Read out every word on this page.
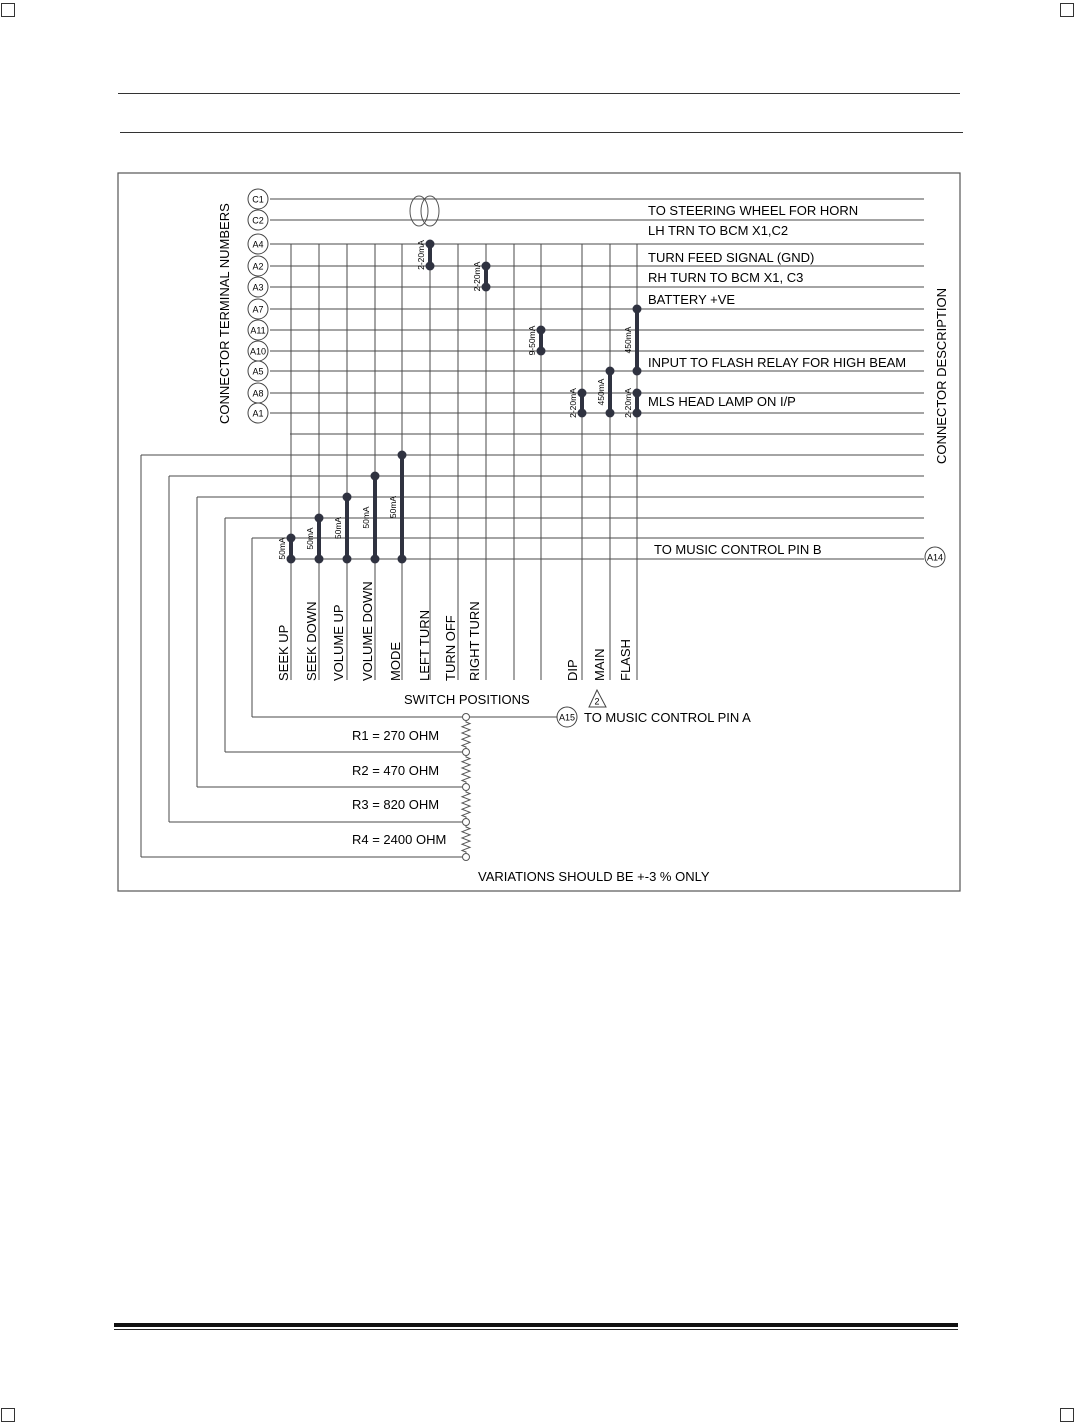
CONNECTOR TERMINAL NUMBERS	CONNECTOR DESCRIPTION
C1
C2
A4
A2
A3
A7
A11
A10
A5
A8
A1
TO STEERING WHEEL FOR HORN
LH TRN TO BCM X1,C2
TURN FEED SIGNAL (GND)
RH TURN TO BCM X1, C3
BATTERY +VE
INPUT TO FLASH RELAY FOR HIGH BEAM
MLS HEAD LAMP ON I/P
TO MUSIC CONTROL PIN B
50mA 50mA 50mA 50mA 50mA
2-20mA
2-20mA
9-50mA
2-20mA 450mA
450mA
2-20mA
SEEK UP SEEK DOWN VOLUME UP VOLUME DOWN MODE LEFT TURN TURN OFF RIGHT TURN	DIP MAIN FLASH
SWITCH POSITIONS	2
A15 TO MUSIC CONTROL PIN A
A14
R1 = 270 OHM
R2 = 470 OHM
R3 = 820 OHM
R4 = 2400 OHM
VARIATIONS SHOULD BE +-3 % ONLY
